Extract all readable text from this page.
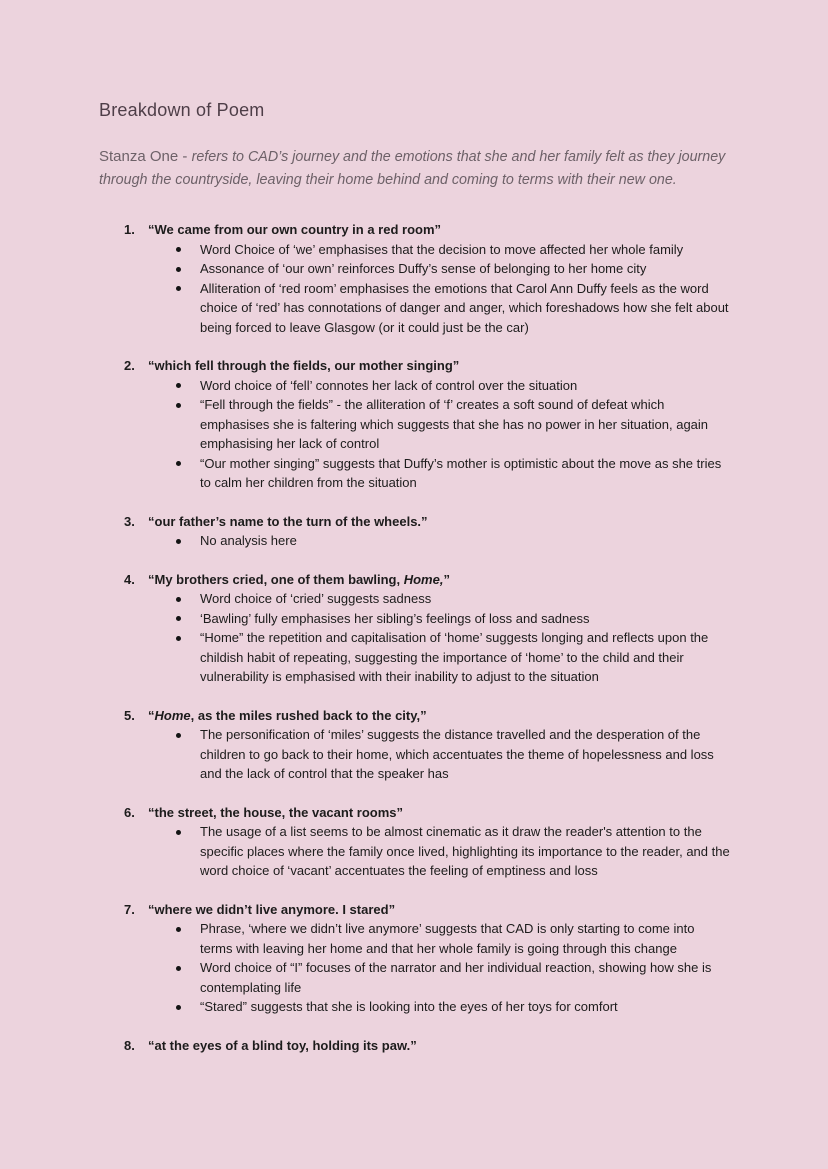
Breakdown of Poem
Stanza One - refers to CAD’s journey and the emotions that she and her family felt as they journey through the countryside, leaving their home behind and coming to terms with their new one.
1.	“We came from our own country in a red room”
Word Choice of ‘we’ emphasises that the decision to move affected her whole family
Assonance of ‘our own’ reinforces Duffy’s sense of belonging to her home city
Alliteration of ‘red room’ emphasises the emotions that Carol Ann Duffy feels as the word choice of ‘red’ has connotations of danger and anger, which foreshadows how she felt about being forced to leave Glasgow (or it could just be the car)
2.	“which fell through the fields, our mother singing”
Word choice of ‘fell’ connotes her lack of control over the situation
“Fell through the fields” - the alliteration of ‘f’ creates a soft sound of defeat which emphasises she is faltering which suggests that she has no power in her situation, again emphasising her lack of control
“Our mother singing” suggests that Duffy’s mother is optimistic about the move as she tries to calm her children from the situation
3.	“our father’s name to the turn of the wheels.”
No analysis here
4.	“My brothers cried, one of them bawling, Home,”
Word choice of ‘cried’ suggests sadness
‘Bawling’ fully emphasises her sibling’s feelings of loss and sadness
“Home” the repetition and capitalisation of ‘home’ suggests longing and reflects upon the childish habit of repeating, suggesting the importance of ‘home’ to the child and their vulnerability is emphasised with their inability to adjust to the situation
5.	“Home, as the miles rushed back to the city,”
The personification of ‘miles’ suggests the distance travelled and the desperation of the children to go back to their home, which accentuates the theme of hopelessness and loss and the lack of control that the speaker has
6.	“the street, the house, the vacant rooms”
The usage of a list seems to be almost cinematic as it draw the reader's attention to the specific places where the family once lived, highlighting its importance to the reader, and the word choice of ‘vacant’ accentuates the feeling of emptiness and loss
7.	“where we didn’t live anymore. I stared”
Phrase, ‘where we didn’t live anymore’ suggests that CAD is only starting to come into terms with leaving her home and that her whole family is going through this change
Word choice of “I” focuses of the narrator and her individual reaction, showing how she is contemplating life
“Stared” suggests that she is looking into the eyes of her toys for comfort
8.	“at the eyes of a blind toy, holding its paw.”
